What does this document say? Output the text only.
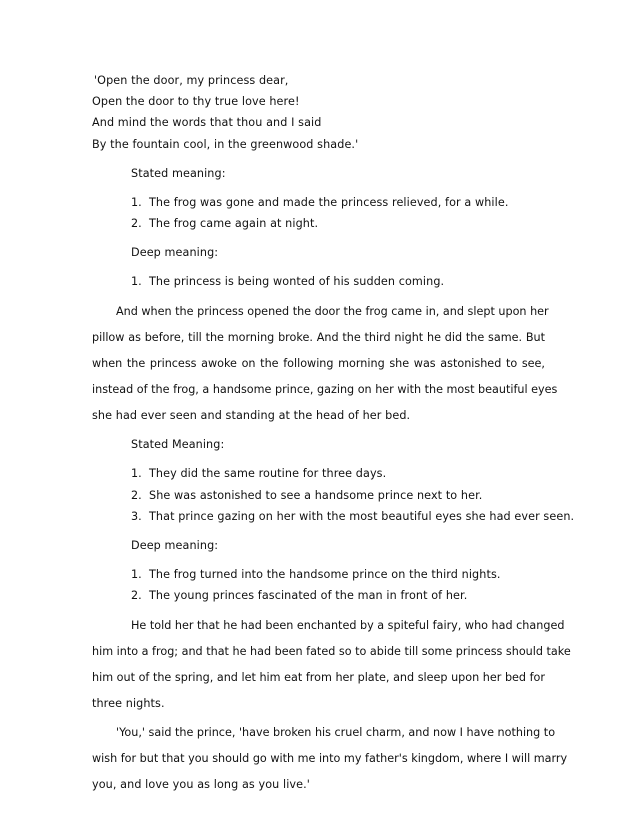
'Open the door, my princess dear,
Open the door to thy true love here!
And mind the words that thou and I said
By the fountain cool, in the greenwood shade.'
Stated meaning:
1. The frog was gone and made the princess relieved, for a while.
2. The frog came again at night.
Deep meaning:
1. The princess is being wonted of his sudden coming.
And when the princess opened the door the frog came in, and slept upon her
pillow as before, till the morning broke. And the third night he did the same. But
when the princess awoke on the following morning she was astonished to see,
instead of the frog, a handsome prince, gazing on her with the most beautiful eyes
she had ever seen and standing at the head of her bed.
Stated Meaning:
1. They did the same routine for three days.
2. She was astonished to see a handsome prince next to her.
3. That prince gazing on her with the most beautiful eyes she had ever seen.
Deep meaning:
1. The frog turned into the handsome prince on the third nights.
2. The young princes fascinated of the man in front of her.
He told her that he had been enchanted by a spiteful fairy, who had changed
him into a frog; and that he had been fated so to abide till some princess should take
him out of the spring, and let him eat from her plate, and sleep upon her bed for
three nights.
'You,' said the prince, 'have broken his cruel charm, and now I have nothing to
wish for but that you should go with me into my father's kingdom, where I will marry
you, and love you as long as you live.'
